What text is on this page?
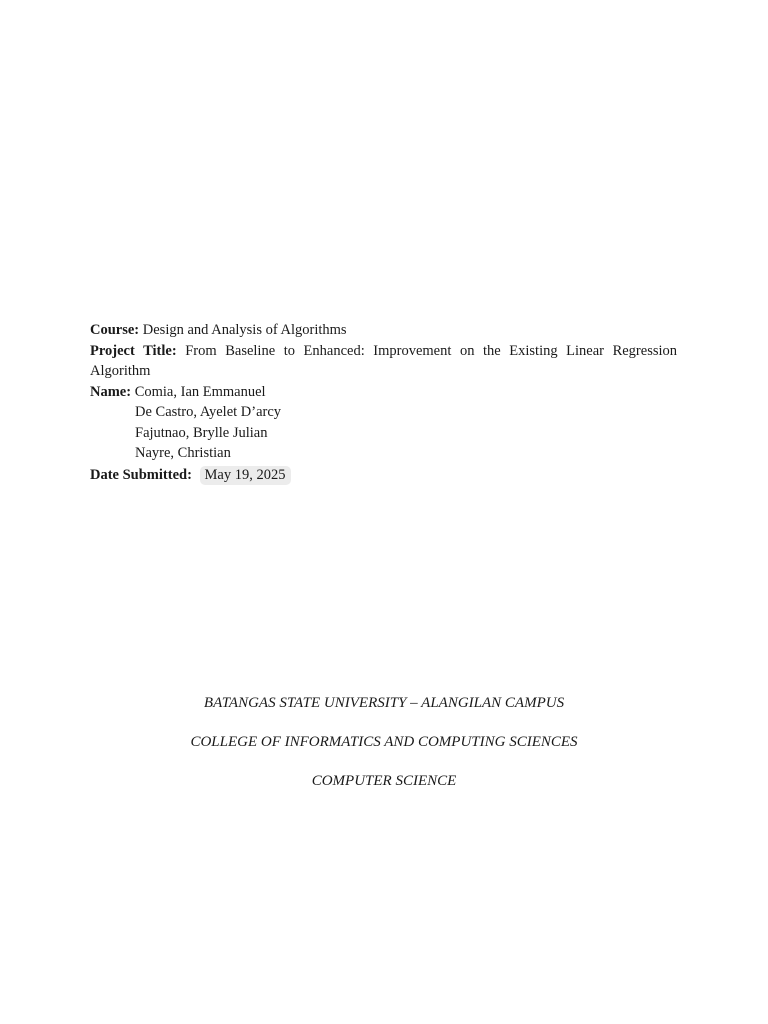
Course: Design and Analysis of Algorithms
Project Title: From Baseline to Enhanced: Improvement on the Existing Linear Regression Algorithm
Name: Comia, Ian Emmanuel
De Castro, Ayelet D’arcy
Fajutnao, Brylle Julian
Nayre, Christian
Date Submitted: May 19, 2025
BATANGAS STATE UNIVERSITY – ALANGILAN CAMPUS
COLLEGE OF INFORMATICS AND COMPUTING SCIENCES
COMPUTER SCIENCE
